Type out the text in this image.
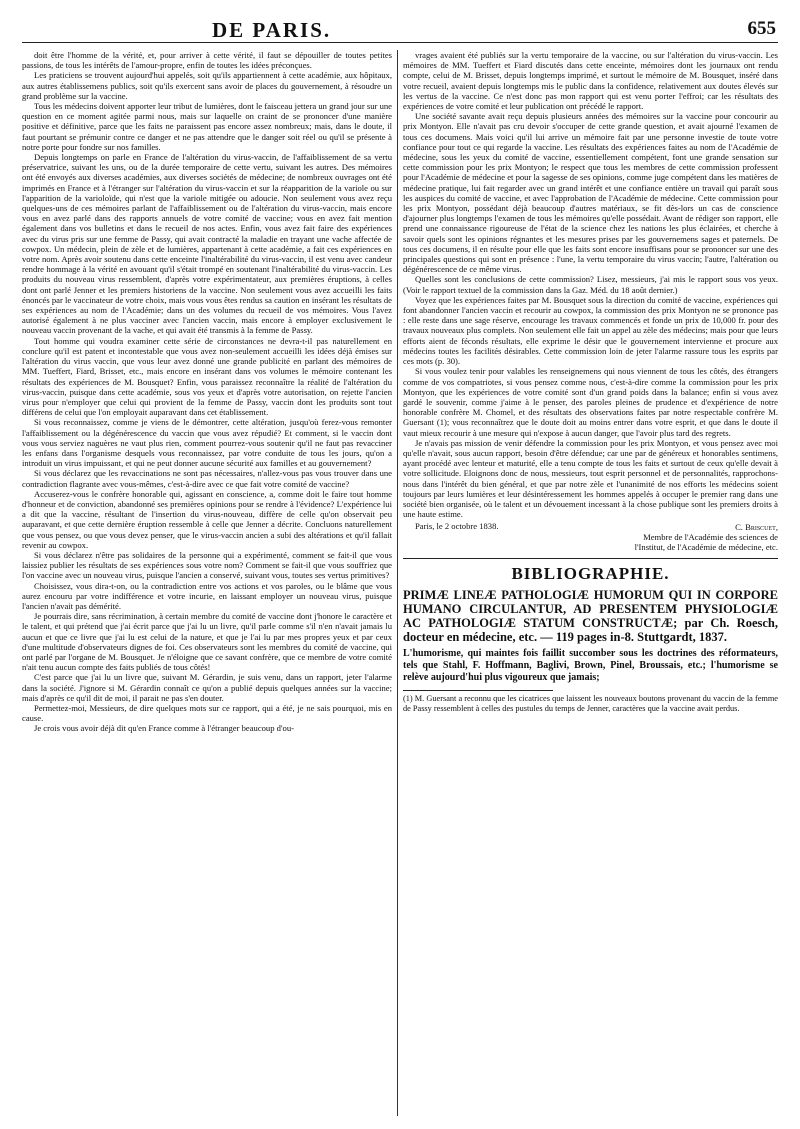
DE PARIS.	655

doit être l'homme de la vérité, et, pour arriver à cette vérité, il faut se dépouiller de toutes petites passions, de tous les intérêts de l'amour-propre, enfin de toutes les idées préconçues.

Les praticiens se trouvent aujourd'hui appelés, soit qu'ils appartiennent à cette académie, aux hôpitaux, aux autres établissemens publics, soit qu'ils exercent sans avoir de places du gouvernement, à résoudre un grand problème sur la vaccine.

Tous les médecins doivent apporter leur tribut de lumières, dont le faisceau jettera un grand jour sur une question en ce moment agitée parmi nous, mais sur laquelle on craint de se prononcer d'une manière positive et définitive, parce que les faits ne paraissent pas encore assez nombreux; mais, dans le doute, il faut pourtant se prémunir contre ce danger et ne pas attendre que le danger soit réel ou qu'il se présente à notre porte pour fondre sur nos familles.

Depuis longtemps on parle en France de l'altération du virus-vaccin, de l'affaiblissement de sa vertu préservatrice, suivant les uns, ou de la durée temporaire de cette vertu, suivant les autres. Des mémoires ont été envoyés aux diverses académies, aux diverses sociétés de médecine; de nombreux ouvrages ont été imprimés en France et à l'étranger sur l'altération du virus-vaccin et sur la réapparition de la variole ou sur l'apparition de la varioloïde, qui n'est que la variole mitigée ou adoucie. Non seulement vous avez reçu quelques-uns de ces mémoires parlant de l'affaiblissement ou de l'altération du virus-vaccin, mais encore vous en avez parlé dans des rapports annuels de votre comité de vaccine; vous en avez fait mention également dans vos bulletins et dans le recueil de nos actes. Enfin, vous avez fait faire des expériences avec du virus pris sur une femme de Passy, qui avait contracté la maladie en trayant une vache affectée de cowpox. Un médecin, plein de zèle et de lumières, appartenant à cette académie, a fait ces expériences en votre nom. Après avoir soutenu dans cette enceinte l'inaltérabilité du virus-vaccin, il est venu avec candeur rendre hommage à la vérité en avouant qu'il s'était trompé en soutenant l'inaltérabilité du virus-vaccin. Les produits du nouveau virus ressemblent, d'après votre expérimentateur, aux premières éruptions, à celles dont ont parlé Jenner et les premiers historiens de la vaccine. Non seulement vous avez accueilli les faits énoncés par le vaccinateur de votre choix, mais vous vous êtes rendus sa caution en insérant les résultats de ses expériences au nom de l'Académie; dans un des volumes du recueil de vos mémoires. Vous l'avez autorisé également à ne plus vacciner avec l'ancien vaccin, mais encore à employer exclusivement le nouveau vaccin provenant de la vache, et qui avait été transmis à la femme de Passy.

Tout homme qui voudra examiner cette série de circonstances ne devra-t-il pas naturellement en conclure qu'il est patent et incontestable que vous avez non-seulement accueilli les idées déjà émises sur l'altération du virus vaccin, que vous leur avez donné une grande publicité en parlant des mémoires de MM. Tueffert, Fiard, Brisset, etc., mais encore en insérant dans vos volumes le mémoire contenant les résultats des expériences de M. Bousquet? Enfin, vous paraissez reconnaître la réalité de l'altération du virus-vaccin, puisque dans cette académie, sous vos yeux et d'après votre autorisation, on rejette l'ancien virus pour n'employer que celui qui provient de la femme de Passy, vaccin dont les produits sont tout différens de celui que l'on employait auparavant dans cet établissement.

Si vous reconnaissez, comme je viens de le démontrer, cette altération, jusqu'où ferez-vous remonter l'affaiblissement ou la dégénérescence du vaccin que vous avez répudié? Et comment, si le vaccin dont vous vous serviez naguères ne vaut plus rien, comment pourrez-vous soutenir qu'il ne faut pas revacciner les enfans dans l'organisme desquels vous reconnaissez, par votre conduite de tous les jours, qu'on a introduit un virus impuissant, et qui ne peut donner aucune sécurité aux familles et au gouvernement?

Si vous déclarez que les revaccinations ne sont pas nécessaires, n'allez-vous pas vous trouver dans une contradiction flagrante avec vous-mêmes, c'est-à-dire avec ce que fait votre comité de vaccine?

Accuserez-vous le confrère honorable qui, agissant en conscience, a, comme doit le faire tout homme d'honneur et de conviction, abandonné ses premières opinions pour se rendre à l'évidence? L'expérience lui a dit que la vaccine, résultant de l'insertion du virus-nouveau, diffère de celle qu'on observait peu auparavant, et que cette dernière éruption ressemble à celle que Jenner a décrite. Concluons naturellement que vous pensez, ou que vous devez penser, que le virus-vaccin ancien a subi des altérations et qu'il fallait revenir au cowpox.

Si vous déclarez n'être pas solidaires de la personne qui a expérimenté, comment se fait-il que vous laissiez publier les résultats de ses expériences sous votre nom? Comment se fait-il que vous souffriez que l'on vaccine avec un nouveau virus, puisque l'ancien a conservé, suivant vous, toutes ses vertus primitives?

Choisissez, vous dira-t-on, ou la contradiction entre vos actions et vos paroles, ou le blâme que vous aurez encouru par votre indifférence et votre incurie, en laissant employer un nouveau virus, puisque l'ancien n'avait pas démérité.

Je pourrais dire, sans récrimination, à certain membre du comité de vaccine dont j'honore le caractère et le talent, et qui prétend que j'ai écrit parce que j'ai lu un livre, qu'il parle comme s'il n'en n'avait jamais lu aucun et que ce livre que j'ai lu est celui de la nature, et que je l'ai lu par mes propres yeux et par ceux d'une multitude d'observateurs dignes de foi. Ces observateurs sont les membres du comité de vaccine, qui ont parlé par l'organe de M. Bousquet. Je n'éloigne que ce savant confrère, que ce membre de votre comité n'ait tenu aucun compte des faits publiés de tous côtés!

C'est parce que j'ai lu un livre que, suivant M. Gérardin, je suis venu, dans un rapport, jeter l'alarme dans la société. J'ignore si M. Gérardin connaît ce qu'on a publié depuis quelques années sur la vaccine; mais d'après ce qu'il dit de moi, il parait ne pas s'en douter.

Permettez-moi, Messieurs, de dire quelques mots sur ce rapport, qui a été, je ne sais pourquoi, mis en cause.

Je crois vous avoir déjà dit qu'en France comme à l'étranger beaucoup d'ou-

vrages avaient été publiés sur la vertu temporaire de la vaccine, ou sur l'altération du virus-vaccin. Les mémoires de MM. Tueffert et Fiard discutés dans cette enceinte, mémoires dont les journaux ont rendu compte, celui de M. Brisset, depuis longtemps imprimé, et surtout le mémoire de M. Bousquet, inséré dans votre recueil, avaient depuis longtemps mis le public dans la confidence, relativement aux doutes élevés sur les vertus de la vaccine. Ce n'est donc pas mon rapport qui est venu porter l'effroi; car les résultats des expériences de votre comité et leur publication ont précédé le rapport.

Une société savante avait reçu depuis plusieurs années des mémoires sur la vaccine pour concourir au prix Montyon. Elle n'avait pas cru devoir s'occuper de cette grande question, et avait ajourné l'examen de tous ces documens. Mais voici qu'il lui arrive un mémoire fait par une personne investie de toute votre confiance pour tout ce qui regarde la vaccine. Les résultats des expériences faites au nom de l'Académie de médecine, sous les yeux du comité de vaccine, essentiellement compétent, font une grande sensation sur cette commission pour les prix Montyon; le respect que tous les membres de cette commission professent pour l'Académie de médecine et pour la sagesse de ses opinions, comme juge compétent dans les matières de médecine pratique, lui fait regarder avec un grand intérêt et une confiance entière un travail qui paraît sous les auspices du comité de vaccine, et avec l'approbation de l'Académie de médecine. Cette commission pour les prix Montyon, possédant déjà beaucoup d'autres matériaux, se fit dès-lors un cas de conscience d'ajourner plus longtemps l'examen de tous les mémoires qu'elle possédait. Avant de rédiger son rapport, elle prend une connaissance rigoureuse de l'état de la science chez les nations les plus éclairées, et cherche à savoir quels sont les opinions régnantes et les mesures prises par les gouvernemens sages et paternels. De tous ces documens, il en résulte pour elle que les faits sont encore insuffisans pour se prononcer sur une des principales questions qui sont en présence : l'une, la vertu temporaire du virus vaccin; l'autre, l'altération ou dégénérescence de ce même virus.

Quelles sont les conclusions de cette commission? Lisez, messieurs, j'ai mis le rapport sous vos yeux. (Voir le rapport textuel de la commission dans la Gaz. Méd. du 18 août dernier.)

Voyez que les expériences faites par M. Bousquet sous la direction du comité de vaccine, expériences qui font abandonner l'ancien vaccin et recourir au cowpox, la commission des prix Montyon ne se prononce pas : elle reste dans une sage réserve, encourage les travaux commencés et fonde un prix de 10,000 fr. pour des travaux nouveaux plus complets. Non seulement elle fait un appel au zèle des médecins; mais pour que leurs efforts aient de féconds résultats, elle exprime le désir que le gouvernement intervienne et procure aux médecins toutes les facilités désirables. Cette commission loin de jeter l'alarme rassure tous les esprits par ces mots (p. 30).

Si vous voulez tenir pour valables les renseignemens qui nous viennent de tous les côtés, des étrangers comme de vos compatriotes, si vous pensez comme nous, c'est-à-dire comme la commission pour les prix Montyon, que les expériences de votre comité sont d'un grand poids dans la balance; enfin si vous avez gardé le souvenir, comme j'aime à le penser, des paroles pleines de prudence et d'expérience de notre honorable confrère M. Chomel, et des résultats des observations faites par notre respectable confrère M. Guersant (1); vous reconnaîtrez que le doute doit au moins entrer dans votre esprit, et que dans le doute il vaut mieux recourir à une mesure qui n'expose à aucun danger, que l'avoir plus tard des regrets.

Je n'avais pas mission de venir défendre la commission pour les prix Montyon, et vous pensez avec moi qu'elle n'avait, sous aucun rapport, besoin d'être défendue; car une par de généreux et honorables sentimens, ayant procédé avec lenteur et maturité, elle a tenu compte de tous les faits et surtout de ceux qu'elle devait à votre sollicitude. Eloignons donc de nous, messieurs, tout esprit personnel et de personnalités, rapprochons-nous dans l'intérêt du bien général, et que par notre zèle et l'unanimité de nos efforts les médecins soient toujours par leurs lumières et leur désintéressement les hommes appelés à occuper le premier rang dans une société bien organisée, où le talent et un dévouement incessant à la chose publique sont les premiers droits à une haute estime.

Paris, le 2 octobre 1838.	C. Briscuet,
Membre de l'Académie des sciences de
l'Institut, de l'Académie de médecine, etc.
BIBLIOGRAPHIE.
PRIMÆ LINEÆ PATHOLOGIÆ HUMORUM QUI IN CORPORE HUMANO CIRCULANTUR, AD PRESENTEM PHYSIOLOGIÆ AC PATHOLOGIÆ STATUM CONSTRUCTÆ; par Ch. Roesch, docteur en médecine, etc. — 119 pages in-8. Stuttgardt, 1837.
L'humorisme, qui maintes fois faillit succomber sous les doctrines des réformateurs, tels que Stahl, F. Hoffmann, Baglivi, Brown, Pinel, Broussais, etc.; l'humorisme se relève aujourd'hui plus vigoureux que jamais;

(1) M. Guersant a reconnu que les cicatrices que laissent les nouveaux boutons provenant du vaccin de la femme de Passy ressemblent à celles des pustules du temps de Jenner, caractères que la vaccine avait perdus.
